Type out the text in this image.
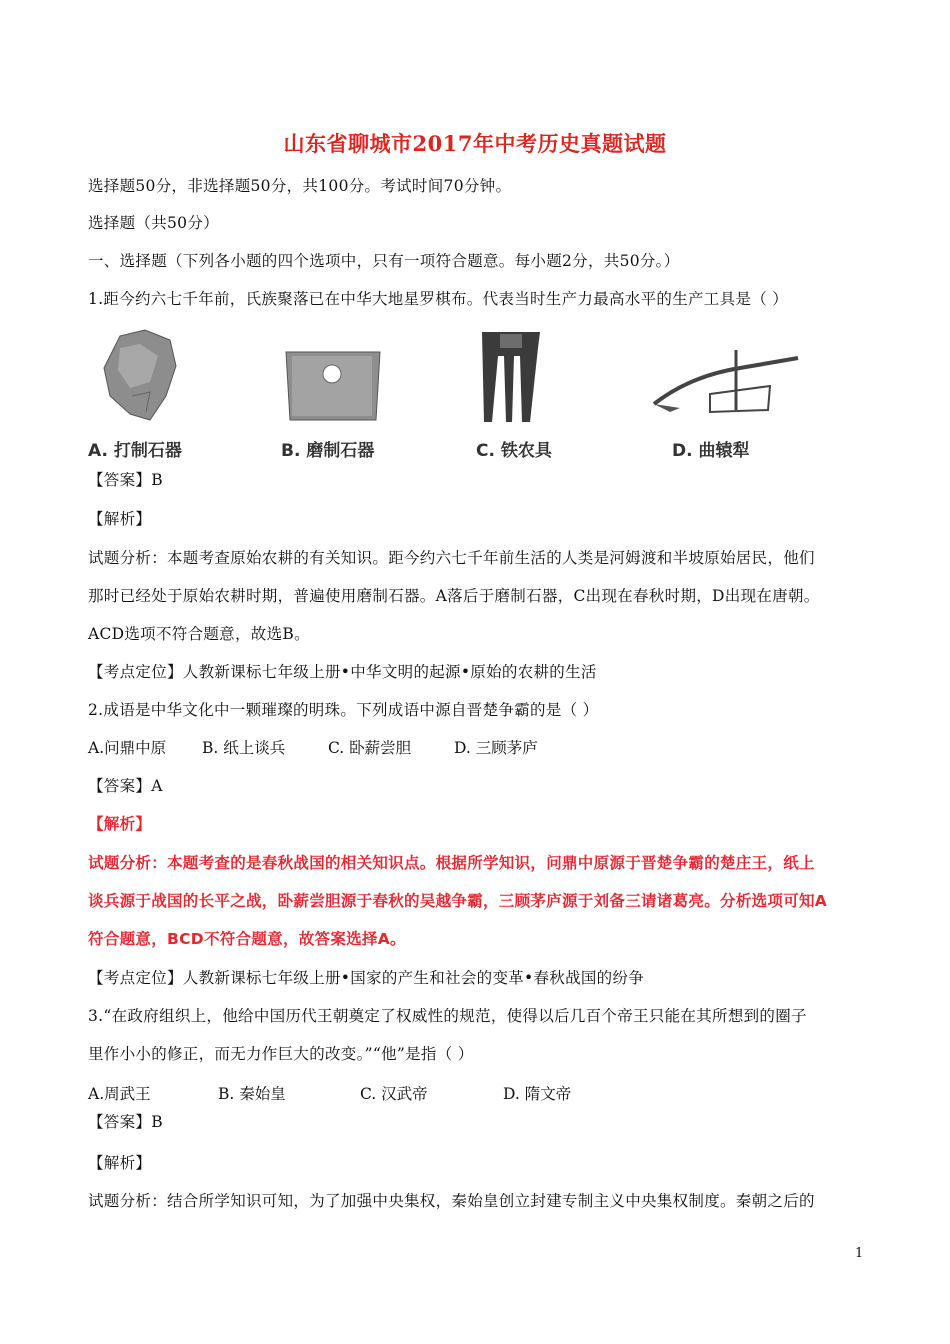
山东省聊城市2017年中考历史真题试题
选择题50分，非选择题50分，共100分。考试时间70分钟。
选择题（共50分）
一、选择题（下列各小题的四个选项中，只有一项符合题意。每小题2分，共50分。）
1.距今约六七千年前，氏族聚落已在中华大地星罗棋布。代表当时生产力最高水平的生产工具是（ ）
A. 打制石器	B. 磨制石器	C. 铁农具	D. 曲辕犁
【答案】B
【解析】
试题分析：本题考查原始农耕的有关知识。距今约六七千年前生活的人类是河姆渡和半坡原始居民，他们
那时已经处于原始农耕时期，普遍使用磨制石器。A落后于磨制石器，C出现在春秋时期，D出现在唐朝。
ACD选项不符合题意，故选B。
【考点定位】人教新课标七年级上册•中华文明的起源•原始的农耕的生活
2.成语是中华文化中一颗璀璨的明珠。下列成语中源自晋楚争霸的是（ ）
A.问鼎中原 B. 纸上谈兵	C. 卧薪尝胆	D. 三顾茅庐
【答案】A
【解析】
试题分析：本题考查的是春秋战国的相关知识点。根据所学知识，问鼎中原源于晋楚争霸的楚庄王，纸上
谈兵源于战国的长平之战，卧薪尝胆源于春秋的吴越争霸，三顾茅庐源于刘备三请诸葛亮。分析选项可知A
符合题意，BCD不符合题意，故答案选择A。
【考点定位】人教新课标七年级上册•国家的产生和社会的变革•春秋战国的纷争
3.“在政府组织上，他给中国历代王朝奠定了权威性的规范，使得以后几百个帝王只能在其所想到的圈子
里作小小的修正，而无力作巨大的改变。”“他”是指（ ）
A.周武王	B. 秦始皇	C. 汉武帝	D. 隋文帝
【答案】B
【解析】
试题分析：结合所学知识可知，为了加强中央集权，秦始皇创立封建专制主义中央集权制度。秦朝之后的
1
